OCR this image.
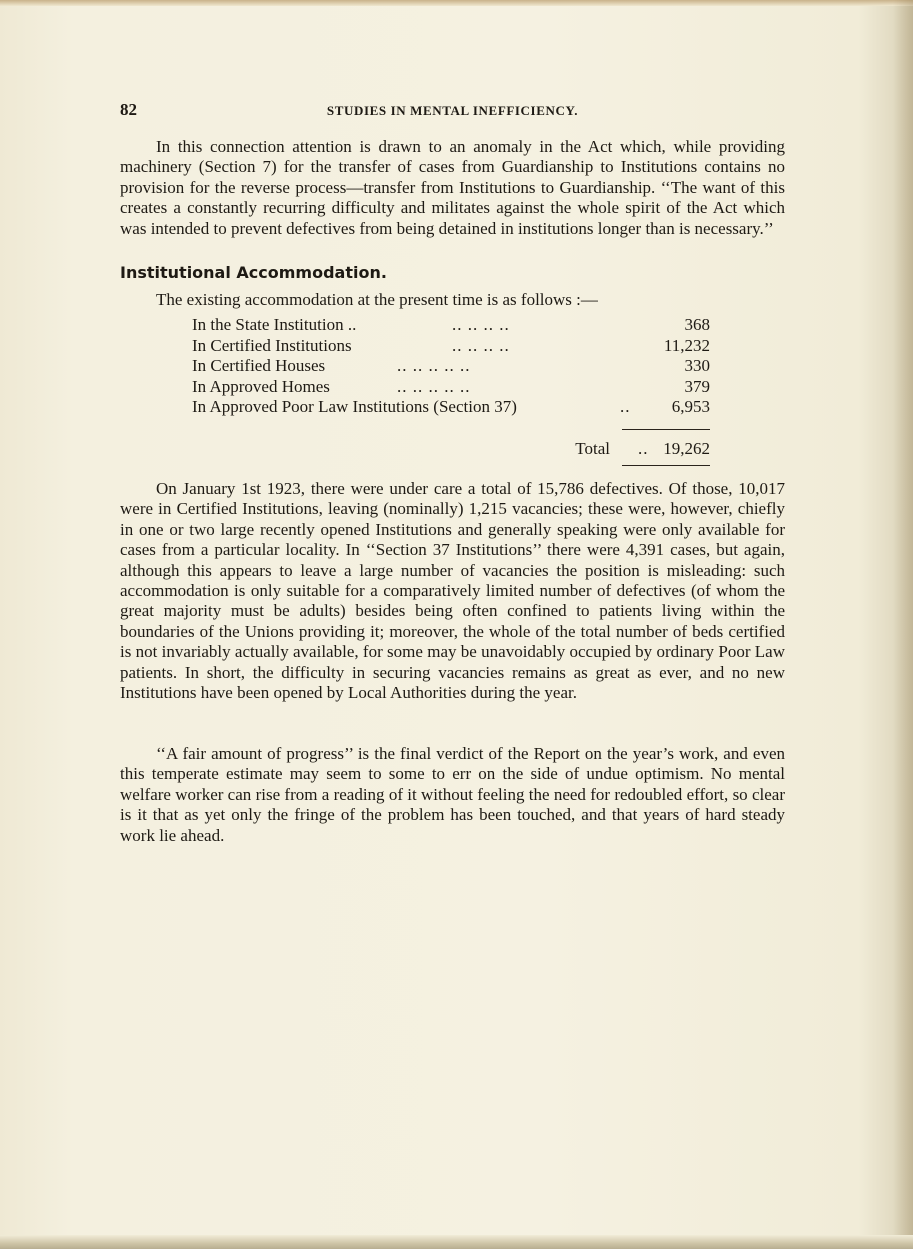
82	STUDIES IN MENTAL INEFFICIENCY.

In this connection attention is drawn to an anomaly in the Act which, while providing machinery (Section 7) for the transfer of cases from Guardianship to Institutions contains no provision for the reverse process—transfer from Institutions to Guardianship. ‘‘The want of this creates a constantly recurring difficulty and militates against the whole spirit of the Act which was intended to prevent defectives from being detained in institutions longer than is necessary.’’

Institutional Accommodation.

The existing accommodation at the present time is as follows :—

In the State Institution ..	.. .. .. ..	368
In Certified Institutions	.. .. .. ..	11,232
In Certified Houses	.. .. .. .. ..	330
In Approved Homes	.. .. .. .. ..	379
In Approved Poor Law Institutions (Section 37)	.. 6,953
Total .. 19,262

On January 1st 1923, there were under care a total of 15,786 defectives. Of those, 10,017 were in Certified Institutions, leaving (nominally) 1,215 vacancies; these were, however, chiefly in one or two large recently opened Institutions and generally speaking were only available for cases from a particular locality. In ‘‘Section 37 Institutions’’ there were 4,391 cases, but again, although this appears to leave a large number of vacancies the position is misleading: such accommodation is only suitable for a comparatively limited number of defectives (of whom the great majority must be adults) besides being often confined to patients living within the boundaries of the Unions providing it; moreover, the whole of the total number of beds certified is not invariably actually available, for some may be unavoidably occupied by ordinary Poor Law patients. In short, the difficulty in securing vacancies remains as great as ever, and no new Institutions have been opened by Local Authorities during the year.

‘‘A fair amount of progress’’ is the final verdict of the Report on the year’s work, and even this temperate estimate may seem to some to err on the side of undue optimism. No mental welfare worker can rise from a reading of it without feeling the need for redoubled effort, so clear is it that as yet only the fringe of the problem has been touched, and that years of hard steady work lie ahead.
